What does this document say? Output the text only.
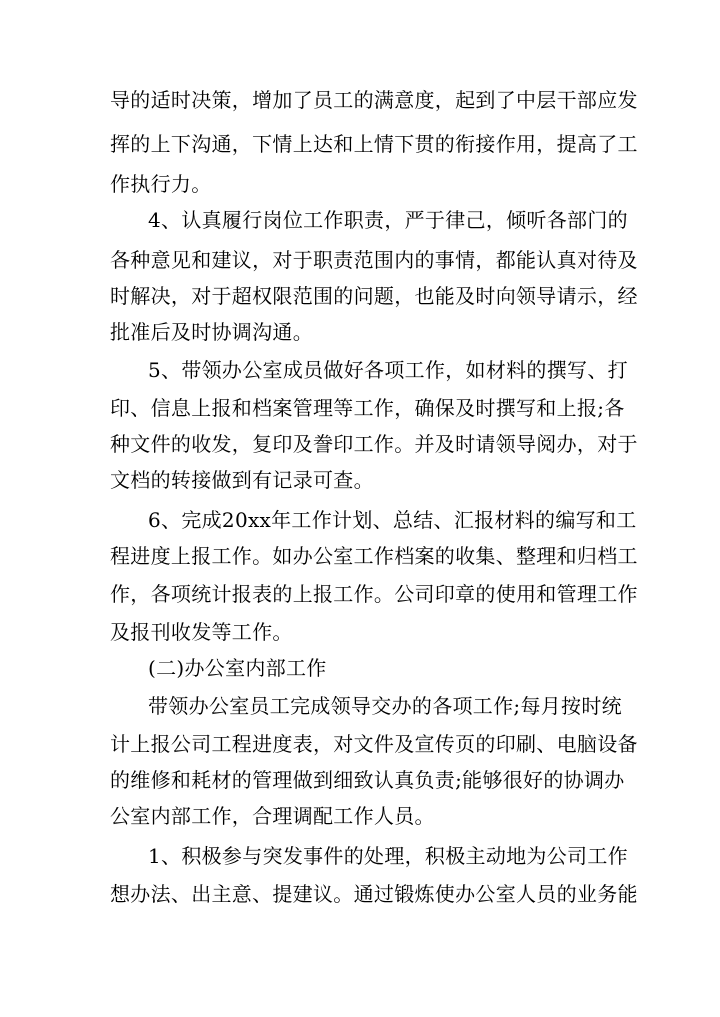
导的适时决策，增加了员工的满意度，起到了中层干部应发
挥的上下沟通，下情上达和上情下贯的衔接作用，提高了工
作执行力。
4、认真履行岗位工作职责，严于律己，倾听各部门的
各种意见和建议，对于职责范围内的事情，都能认真对待及
时解决，对于超权限范围的问题，也能及时向领导请示，经
批准后及时协调沟通。
5、带领办公室成员做好各项工作，如材料的撰写、打
印、信息上报和档案管理等工作，确保及时撰写和上报;各
种文件的收发，复印及誊印工作。并及时请领导阅办，对于
文档的转接做到有记录可查。
6、完成20xx年工作计划、总结、汇报材料的编写和工
程进度上报工作。如办公室工作档案的收集、整理和归档工
作，各项统计报表的上报工作。公司印章的使用和管理工作
及报刊收发等工作。
(二)办公室内部工作
带领办公室员工完成领导交办的各项工作;每月按时统
计上报公司工程进度表，对文件及宣传页的印刷、电脑设备
的维修和耗材的管理做到细致认真负责;能够很好的协调办
公室内部工作，合理调配工作人员。
1、积极参与突发事件的处理，积极主动地为公司工作
想办法、出主意、提建议。通过锻炼使办公室人员的业务能
